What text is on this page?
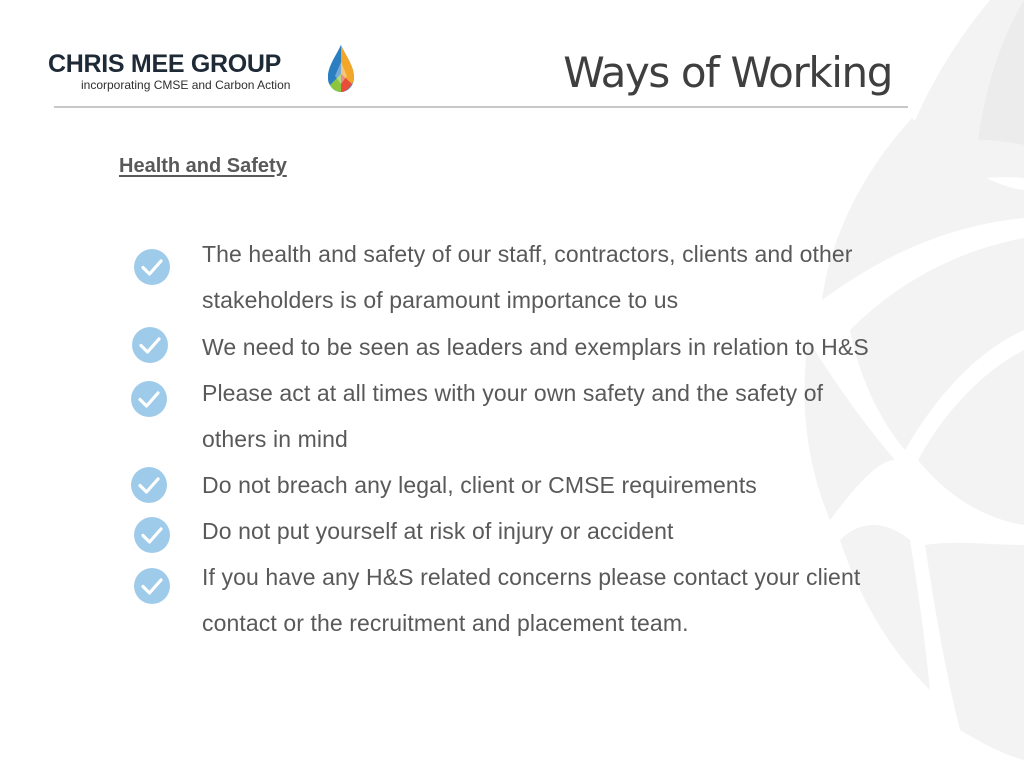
CHRIS MEE GROUP
incorporating CMSE and Carbon Action	Ways of Working
Health and Safety
The health and safety of our staff, contractors, clients and other
stakeholders is of paramount importance to us
We need to be seen as leaders and exemplars in relation to H&S
Please act at all times with your own safety and the safety of
others in mind
Do not breach any legal, client or CMSE requirements
Do not put yourself at risk of injury or accident
If you have any H&S related concerns please contact your client
contact or the recruitment and placement team.
